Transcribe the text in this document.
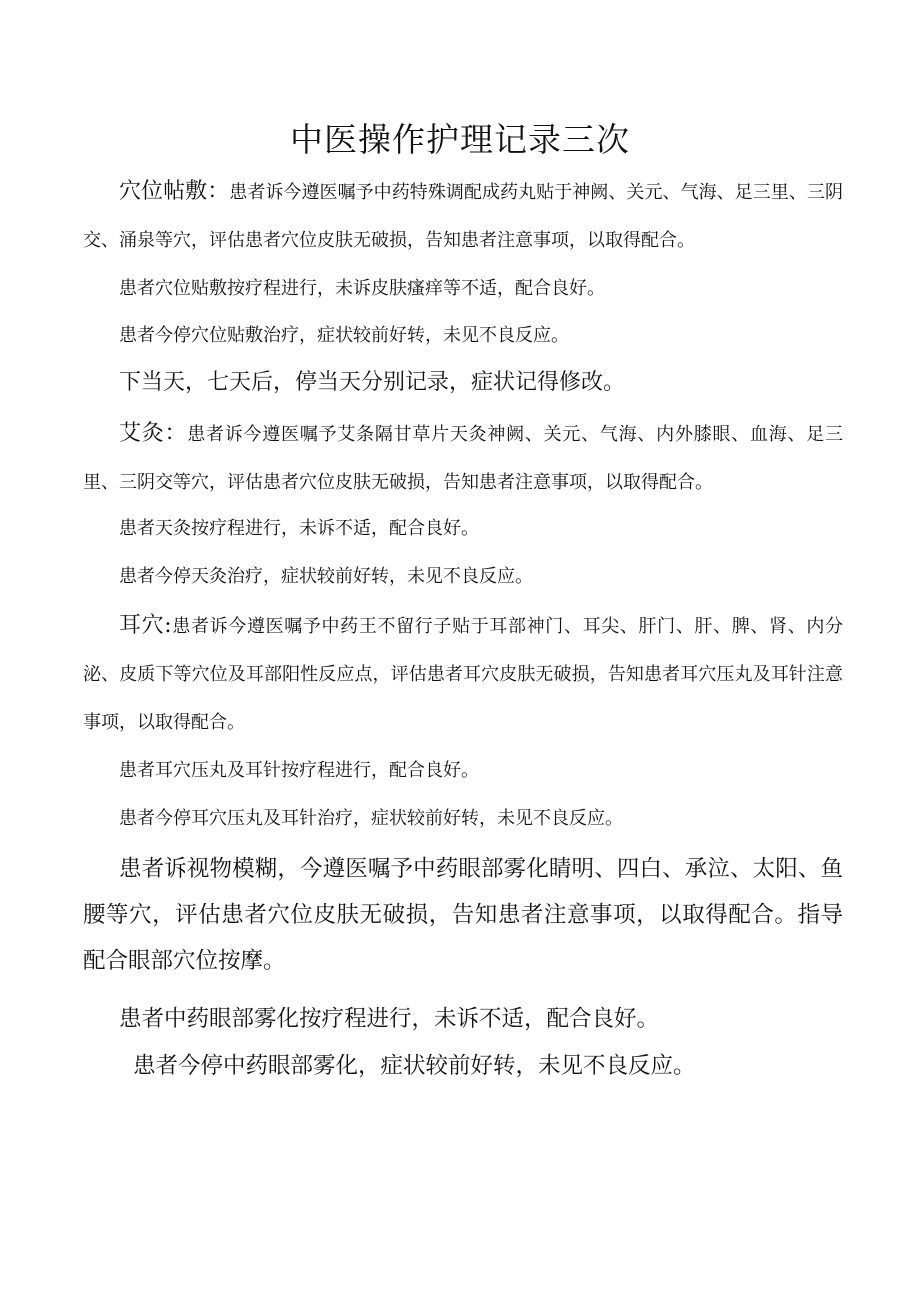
中医操作护理记录三次

穴位帖敷：患者诉今遵医嘱予中药特殊调配成药丸贴于神阙、关元、气海、足三里、三阴交、涌泉等穴，评估患者穴位皮肤无破损，告知患者注意事项，以取得配合。

患者穴位贴敷按疗程进行，未诉皮肤瘙痒等不适，配合良好。

患者今停穴位贴敷治疗，症状较前好转，未见不良反应。

下当天，七天后，停当天分别记录，症状记得修改。

艾灸：患者诉今遵医嘱予艾条隔甘草片天灸神阙、关元、气海、内外膝眼、血海、足三里、三阴交等穴，评估患者穴位皮肤无破损，告知患者注意事项，以取得配合。

患者天灸按疗程进行，未诉不适，配合良好。

患者今停天灸治疗，症状较前好转，未见不良反应。

耳穴:患者诉今遵医嘱予中药王不留行子贴于耳部神门、耳尖、肝门、肝、脾、肾、内分泌、皮质下等穴位及耳部阳性反应点，评估患者耳穴皮肤无破损，告知患者耳穴压丸及耳针注意事项，以取得配合。

患者耳穴压丸及耳针按疗程进行，配合良好。

患者今停耳穴压丸及耳针治疗，症状较前好转，未见不良反应。

患者诉视物模糊，今遵医嘱予中药眼部雾化睛明、四白、承泣、太阳、鱼腰等穴，评估患者穴位皮肤无破损，告知患者注意事项，以取得配合。指导配合眼部穴位按摩。

患者中药眼部雾化按疗程进行，未诉不适，配合良好。

患者今停中药眼部雾化，症状较前好转，未见不良反应。
